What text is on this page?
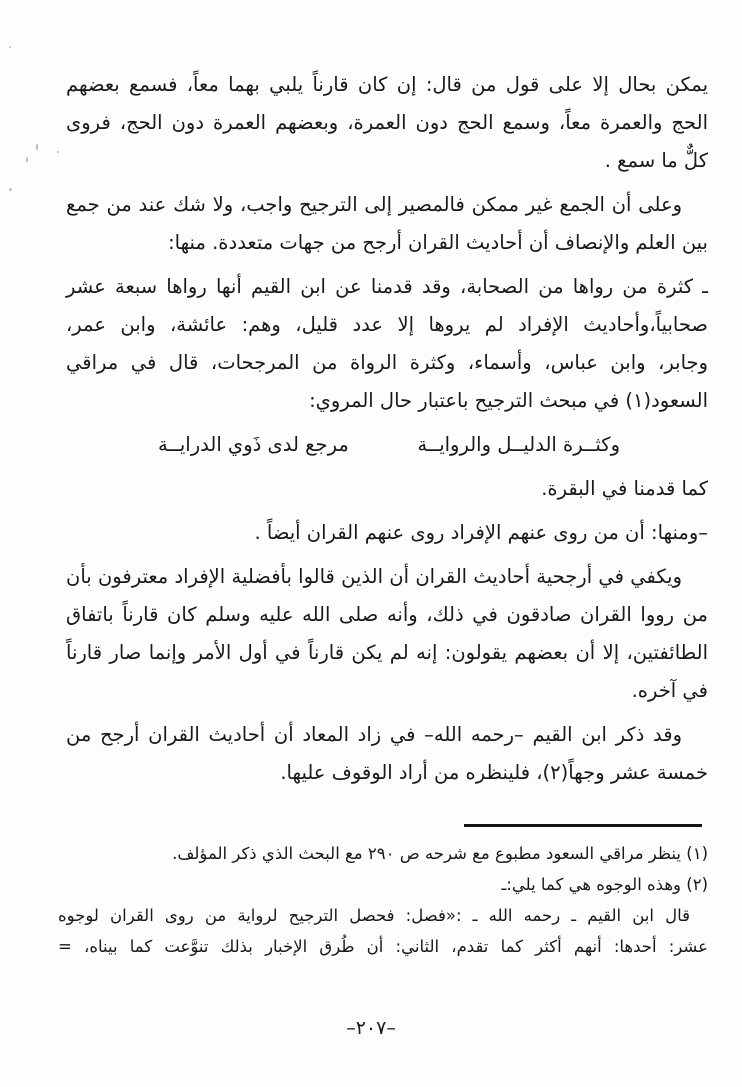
يمكن بحال إلا على قول من قال: إن كان قارناً يلبي بهما معاً، فسمع بعضهم
الحج والعمرة معاً، وسمع الحج دون العمرة، وبعضهم العمرة دون الحج، فروى
كلٌّ ما سمع .
وعلى أن الجمع غير ممكن فالمصير إلى الترجيح واجب، ولا شك عند من جمع
بين العلم والإنصاف أن أحاديث القران أرجح من جهات متعددة. منها:
ـ كثرة من رواها من الصحابة، وقد قدمنا عن ابن القيم أنها رواها سبعة عشر
صحابياً،وأحاديث الإفراد لم يروها إلا عدد قليل، وهم: عائشة، وابن عمر،
وجابر، وابن عباس، وأسماء، وكثرة الرواة من المرجحات، قال في مراقي
السعود(١) في مبحث الترجيح باعتبار حال المروي:
وكثــرة الدليــل والروايــة
مرجع لدى ذَوي الدرايــة
كما قدمنا في البقرة.
–ومنها: أن من روى عنهم الإفراد روى عنهم القران أيضاً .
ويكفي في أرجحية أحاديث القران أن الذين قالوا بأفضلية الإفراد معترفون بأن
من رووا القران صادقون في ذلك، وأنه صلى الله عليه وسلم كان قارناً باتفاق
الطائفتين، إلا أن بعضهم يقولون: إنه لم يكن قارناً في أول الأمر وإنما صار قارناً
في آخره.
وقد ذكر ابن القيم –رحمه الله– في زاد المعاد أن أحاديث القران أرجح من
خمسة عشر وجهاً(٢)، فلينظره من أراد الوقوف عليها.
(١) ينظر مراقي السعود مطبوع مع شرحه ص ٢٩٠ مع البحث الذي ذكر المؤلف.
(٢) وهذه الوجوه هي كما يلي:ـ
قال ابن القيم ـ رحمه الله ـ :«فصل: فحصل الترجيح لرواية من روى القران لوجوه
عشر: أحدها: أنهم أكثر كما تقدم، الثاني: أن طُرق الإخبار بذلك تنوَّعت كما بيناه، =
–٢٠٧–
